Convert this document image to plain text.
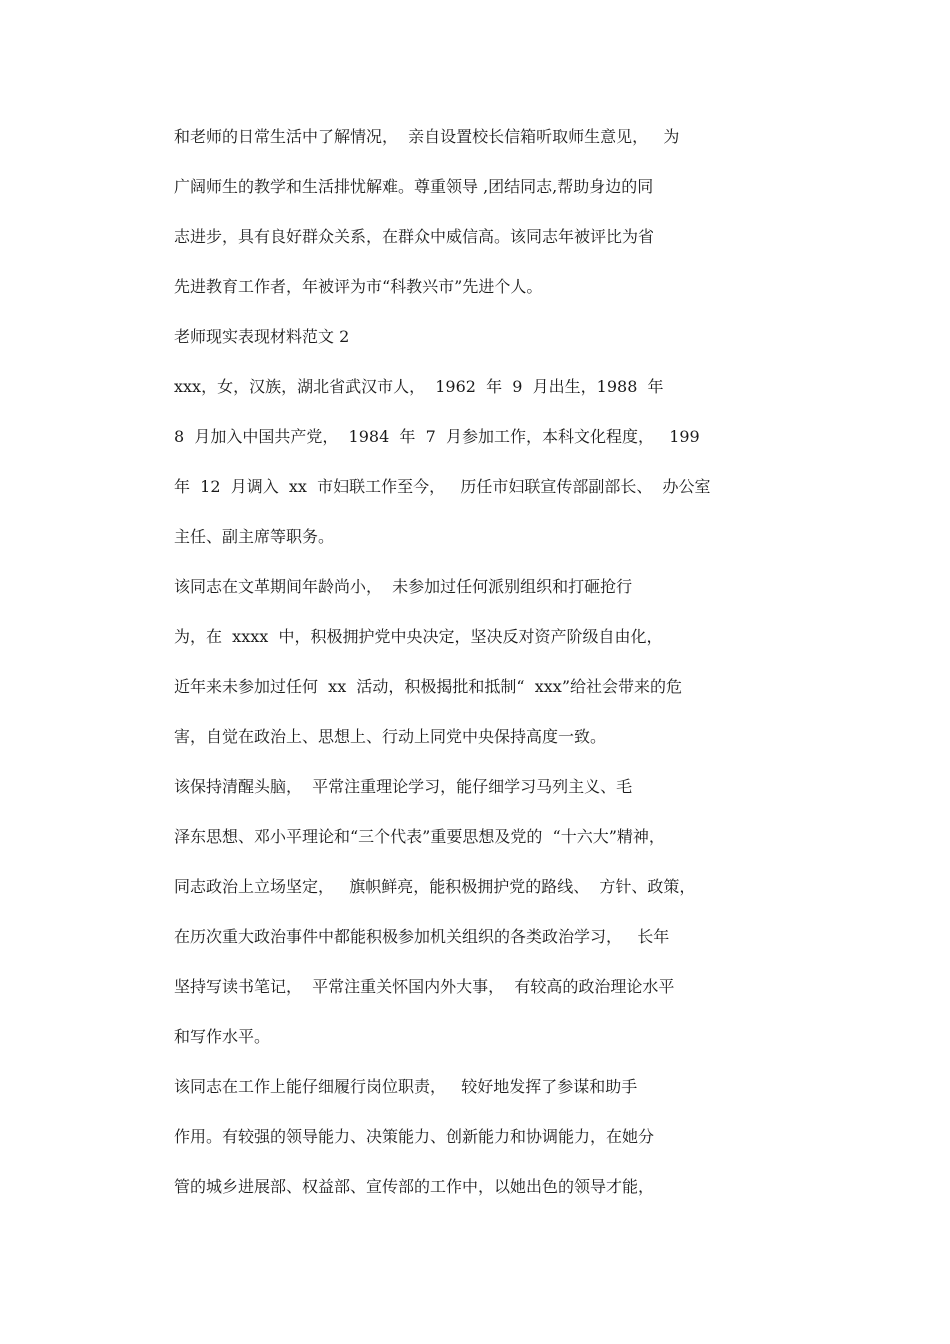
和老师的日常生活中了解情况，  亲自设置校长信箱听取师生意见，   为
广阔师生的教学和生活排忧解难。尊重领导 ,团结同志,帮助身边的同
志进步，具有良好群众关系，在群众中威信高。该同志年被评比为省
先进教育工作者，年被评为市“科教兴市”先进个人。
老师现实表现材料范文 2
xxx，女，汉族，湖北省武汉市人，  1962  年  9  月出生，1988  年
8  月加入中国共产党，  1984  年  7  月参加工作，本科文化程度，   199
年  12  月调入  xx  市妇联工作至今，   历任市妇联宣传部副部长、  办公室
主任、副主席等职务。
该同志在文革期间年龄尚小，  未参加过任何派别组织和打砸抢行
为，在  xxxx  中，积极拥护党中央决定，坚决反对资产阶级自由化，
近年来未参加过任何  xx  活动，积极揭批和抵制“  xxx”给社会带来的危
害，自觉在政治上、思想上、行动上同党中央保持高度一致。
该保持清醒头脑，  平常注重理论学习，能仔细学习马列主义、毛
泽东思想、邓小平理论和“三个代表”重要思想及党的  “十六大”精神，
同志政治上立场坚定，   旗帜鲜亮，能积极拥护党的路线、  方针、政策，
在历次重大政治事件中都能积极参加机关组织的各类政治学习，   长年
坚持写读书笔记，  平常注重关怀国内外大事，  有较高的政治理论水平
和写作水平。
该同志在工作上能仔细履行岗位职责，   较好地发挥了参谋和助手
作用。有较强的领导能力、决策能力、创新能力和协调能力，在她分
管的城乡进展部、权益部、宣传部的工作中，以她出色的领导才能，
